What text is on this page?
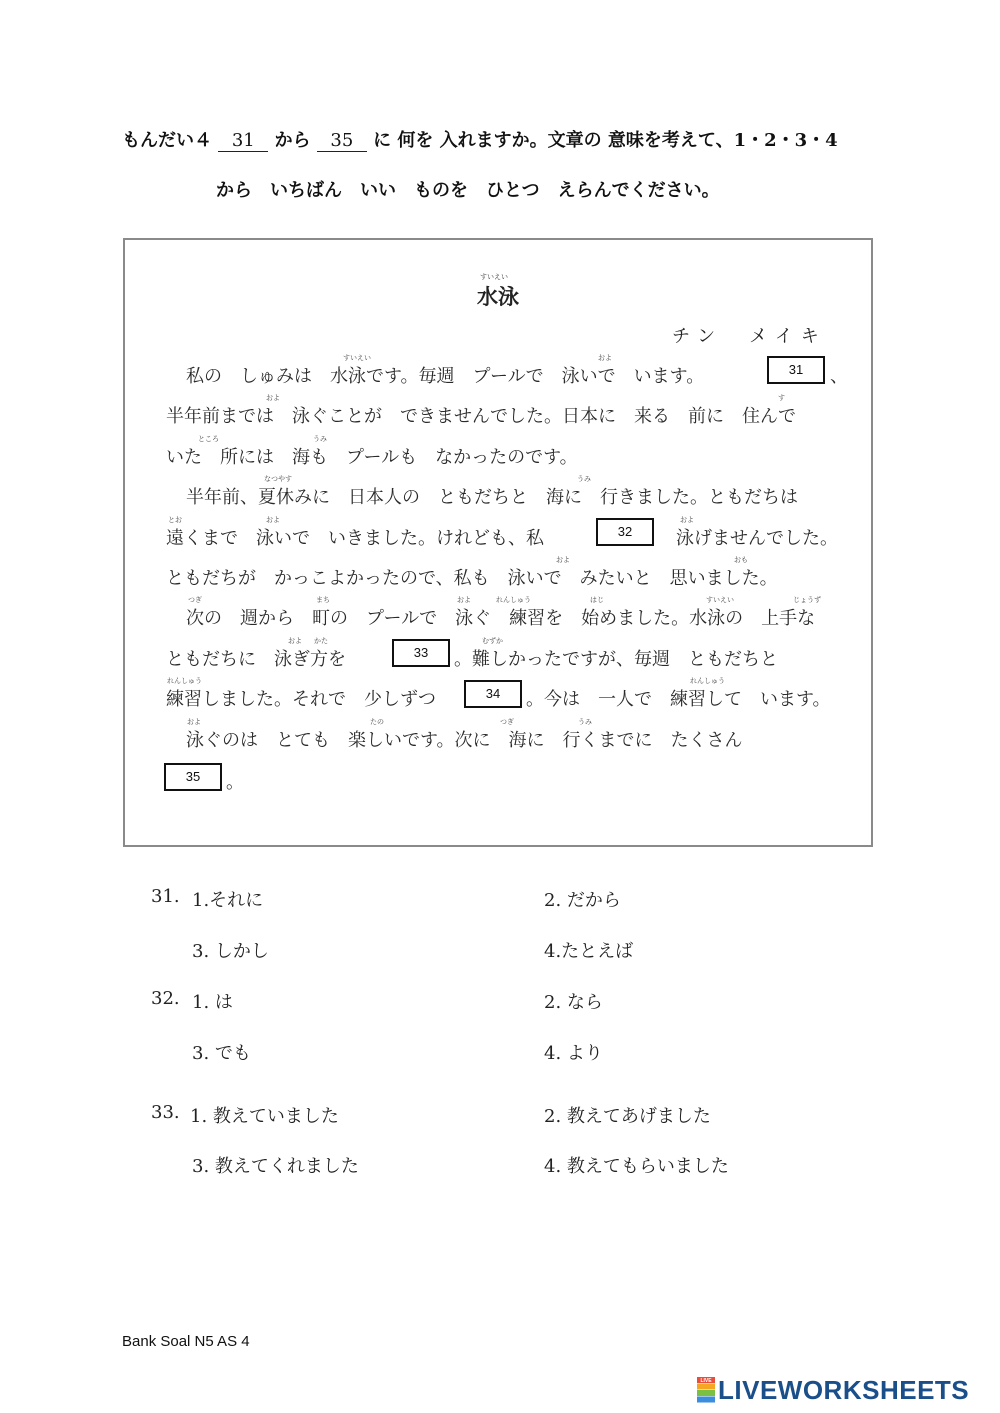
もんだい４ 31 から 35 に 何を 入れますか。文章の 意味を考えて、1・2・3・4
から　いちばん　いい　ものを　ひとつ　えらんでください。
すいえい
水泳
チン　メイキ
すいえい	およ
およ	す
ところ	うみ
なつやす	うみ
とお	およ	およ
およ	おも
つぎ	まち	およ	れんしゅう	はじ	すいえい	じょうず
およ かた	むずか
れんしゅう	れんしゅう
およ	たの	つぎ	うみ
私の　しゅみは　水泳です。毎週　プールで　泳いで　います。	31	、
半年前までは　泳ぐことが　できませんでした。日本に　来る　前に　住んで
いた　所には　海も　プールも　なかったのです。
半年前、夏休みに　日本人の　ともだちと　海に　行きました。ともだちは
遠くまで　泳いで　いきました。けれども、私	32	泳げませんでした。
ともだちが　かっこよかったので、私も　泳いで　みたいと　思いました。
次の　週から　町の　プールで　泳ぐ　練習を　始めました。水泳の　上手な
ともだちに　泳ぎ方を	33	。難しかったですが、毎週　ともだちと
練習しました。それで　少しずつ	34	。今は　一人で　練習して　います。
泳ぐのは　とても　楽しいです。次に　海に　行くまでに　たくさん
35	。
31. 1.それに	2. だから
3. しかし	4.たとえば
32. 1. は	2. なら
3. でも	4. より
33. 1. 教えていました	2. 教えてあげました
3. 教えてくれました	4. 教えてもらいました
Bank Soal N5 AS 4
LIVE LIVEWORKSHEETS
